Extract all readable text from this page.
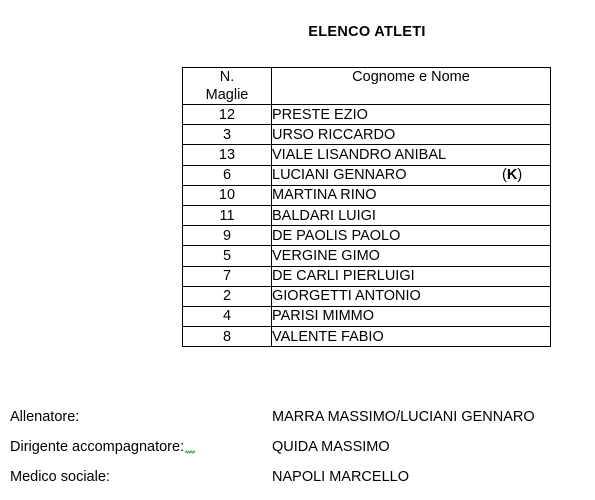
ELENCO ATLETI
N.
Maglie	Cognome e Nome
12	PRESTE EZIO
3	URSO RICCARDO
13	VIALE LISANDRO ANIBAL
6	LUCIANI GENNARO (K)

10	MARTINA RINO
11	BALDARI LUIGI
9	DE PAOLIS PAOLO
5	VERGINE GIMO
7	DE CARLI PIERLUIGI
2	GIORGETTI ANTONIO
4	PARISI MIMMO
8	VALENTE FABIO
Allenatore:	MARRA MASSIMO/LUCIANI GENNARO
Dirigente accompagnatore:	QUIDA MASSIMO
Medico sociale:	NAPOLI MARCELLO
